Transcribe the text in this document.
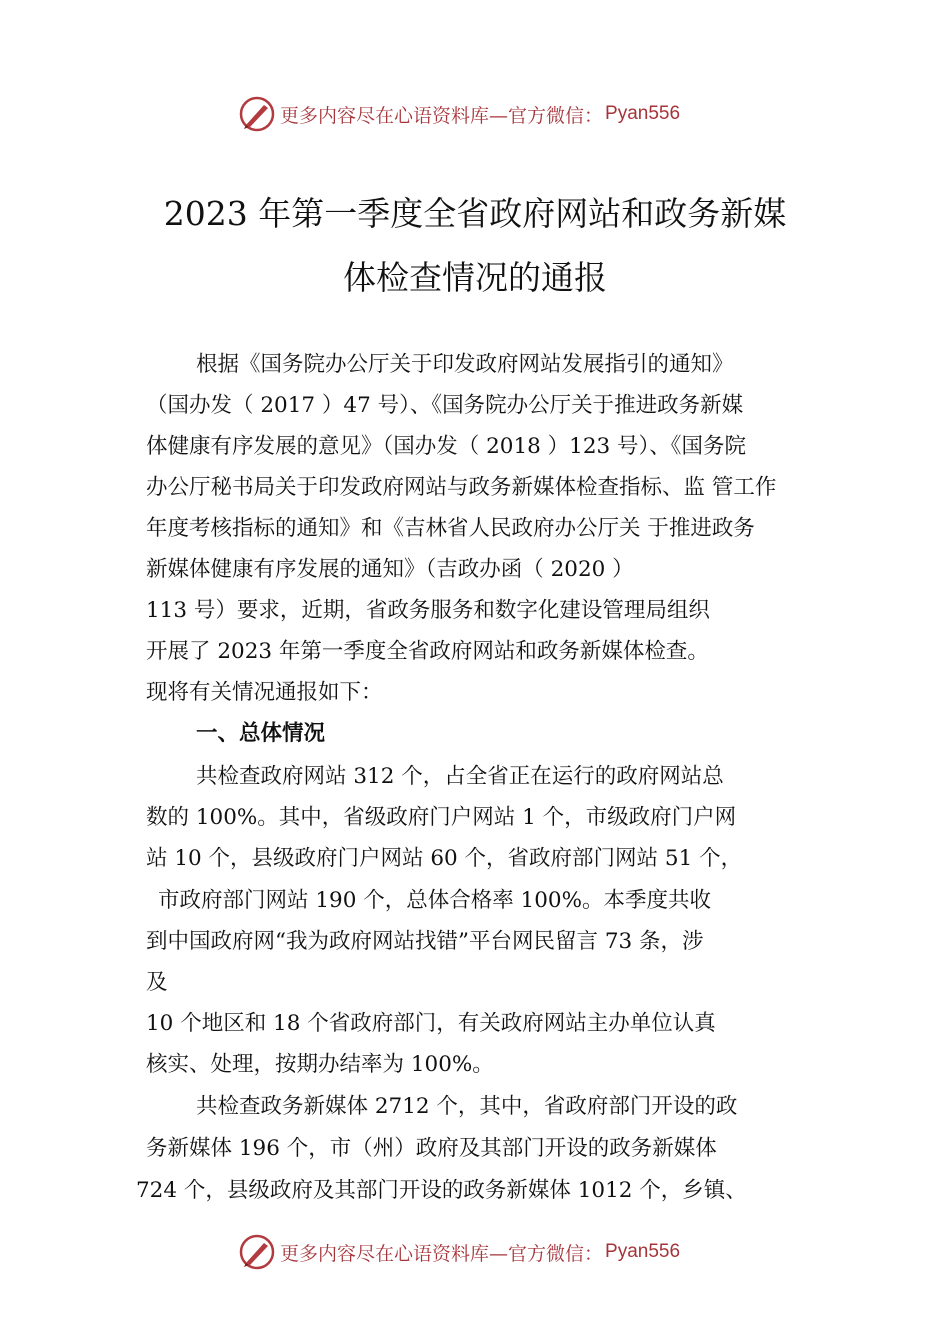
更多内容尽在心语资料库—官方微信： Pyan556
2023 年第一季度全省政府网站和政务新媒
体检查情况的通报
根据《国务院办公厅关于印发政府网站发展指引的通知》
（国办发（ 2017 ）47 号）、《国务院办公厅关于推进政务新媒
体健康有序发展的意见》（国办发（ 2018 ）123 号）、《国务院
办公厅秘书局关于印发政府网站与政务新媒体检查指标、监 管工作
年度考核指标的通知》和《吉林省人民政府办公厅关 于推进政务
新媒体健康有序发展的通知》（吉政办函（ 2020 ）
113 号）要求，近期，省政务服务和数字化建设管理局组织
开展了 2023 年第一季度全省政府网站和政务新媒体检查。
现将有关情况通报如下：
一、总体情况
共检查政府网站 312 个，占全省正在运行的政府网站总
数的 100%。其中，省级政府门户网站 1 个，市级政府门户网
站 10 个，县级政府门户网站 60 个，省政府部门网站 51 个，
市政府部门网站 190 个，总体合格率 100%。本季度共收
到中国政府网“我为政府网站找错”平台网民留言 73 条，涉
及
10 个地区和 18 个省政府部门，有关政府网站主办单位认真
核实、处理，按期办结率为 100%。
共检查政务新媒体 2712 个，其中，省政府部门开设的政
务新媒体 196 个，市（州）政府及其部门开设的政务新媒体
724 个，县级政府及其部门开设的政务新媒体 1012 个，乡镇、
更多内容尽在心语资料库—官方微信： Pyan556
